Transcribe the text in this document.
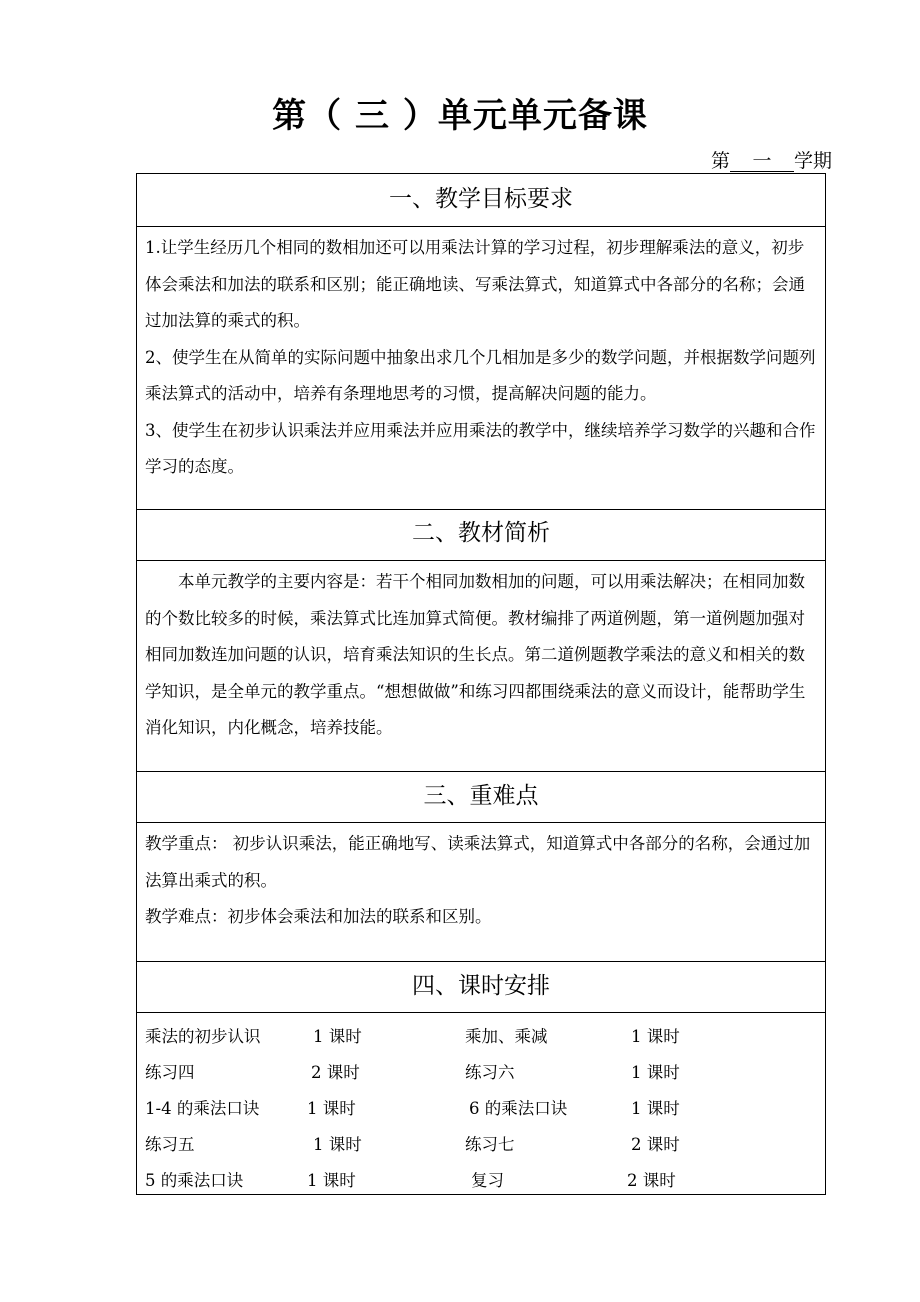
第（ 三 ）单元单元备课
第 一 学期
一、教学目标要求

1.让学生经历几个相同的数相加还可以用乘法计算的学习过程，初步理解乘法的意义，初步体会乘法和加法的联系和区别；能正确地读、写乘法算式，知道算式中各部分的名称；会通过加法算的乘式的积。

2、使学生在从简单的实际问题中抽象出求几个几相加是多少的数学问题，并根据数学问题列乘法算式的活动中，培养有条理地思考的习惯，提高解决问题的能力。

3、使学生在初步认识乘法并应用乘法并应用乘法的教学中，继续培养学习数学的兴趣和合作学习的态度。

二、教材简析

本单元教学的主要内容是：若干个相同加数相加的问题，可以用乘法解决；在相同加数的个数比较多的时候，乘法算式比连加算式简便。教材编排了两道例题，第一道例题加强对相同加数连加问题的认识，培育乘法知识的生长点。第二道例题教学乘法的意义和相关的数学知识，是全单元的教学重点。“想想做做”和练习四都围绕乘法的意义而设计，能帮助学生消化知识，内化概念，培养技能。

三、重难点

教学重点： 初步认识乘法，能正确地写、读乘法算式，知道算式中各部分的名称，会通过加法算出乘式的积。

教学难点：初步体会乘法和加法的联系和区别。

四、课时安排
乘法的初步认识	1 课时	乘加、乘减	1 课时
练习四	2 课时	练习六	1 课时
1-4 的乘法口诀	1 课时	6 的乘法口诀	1 课时
练习五	1 课时	练习七	2 课时
5 的乘法口诀	1 课时	复习	2 课时
